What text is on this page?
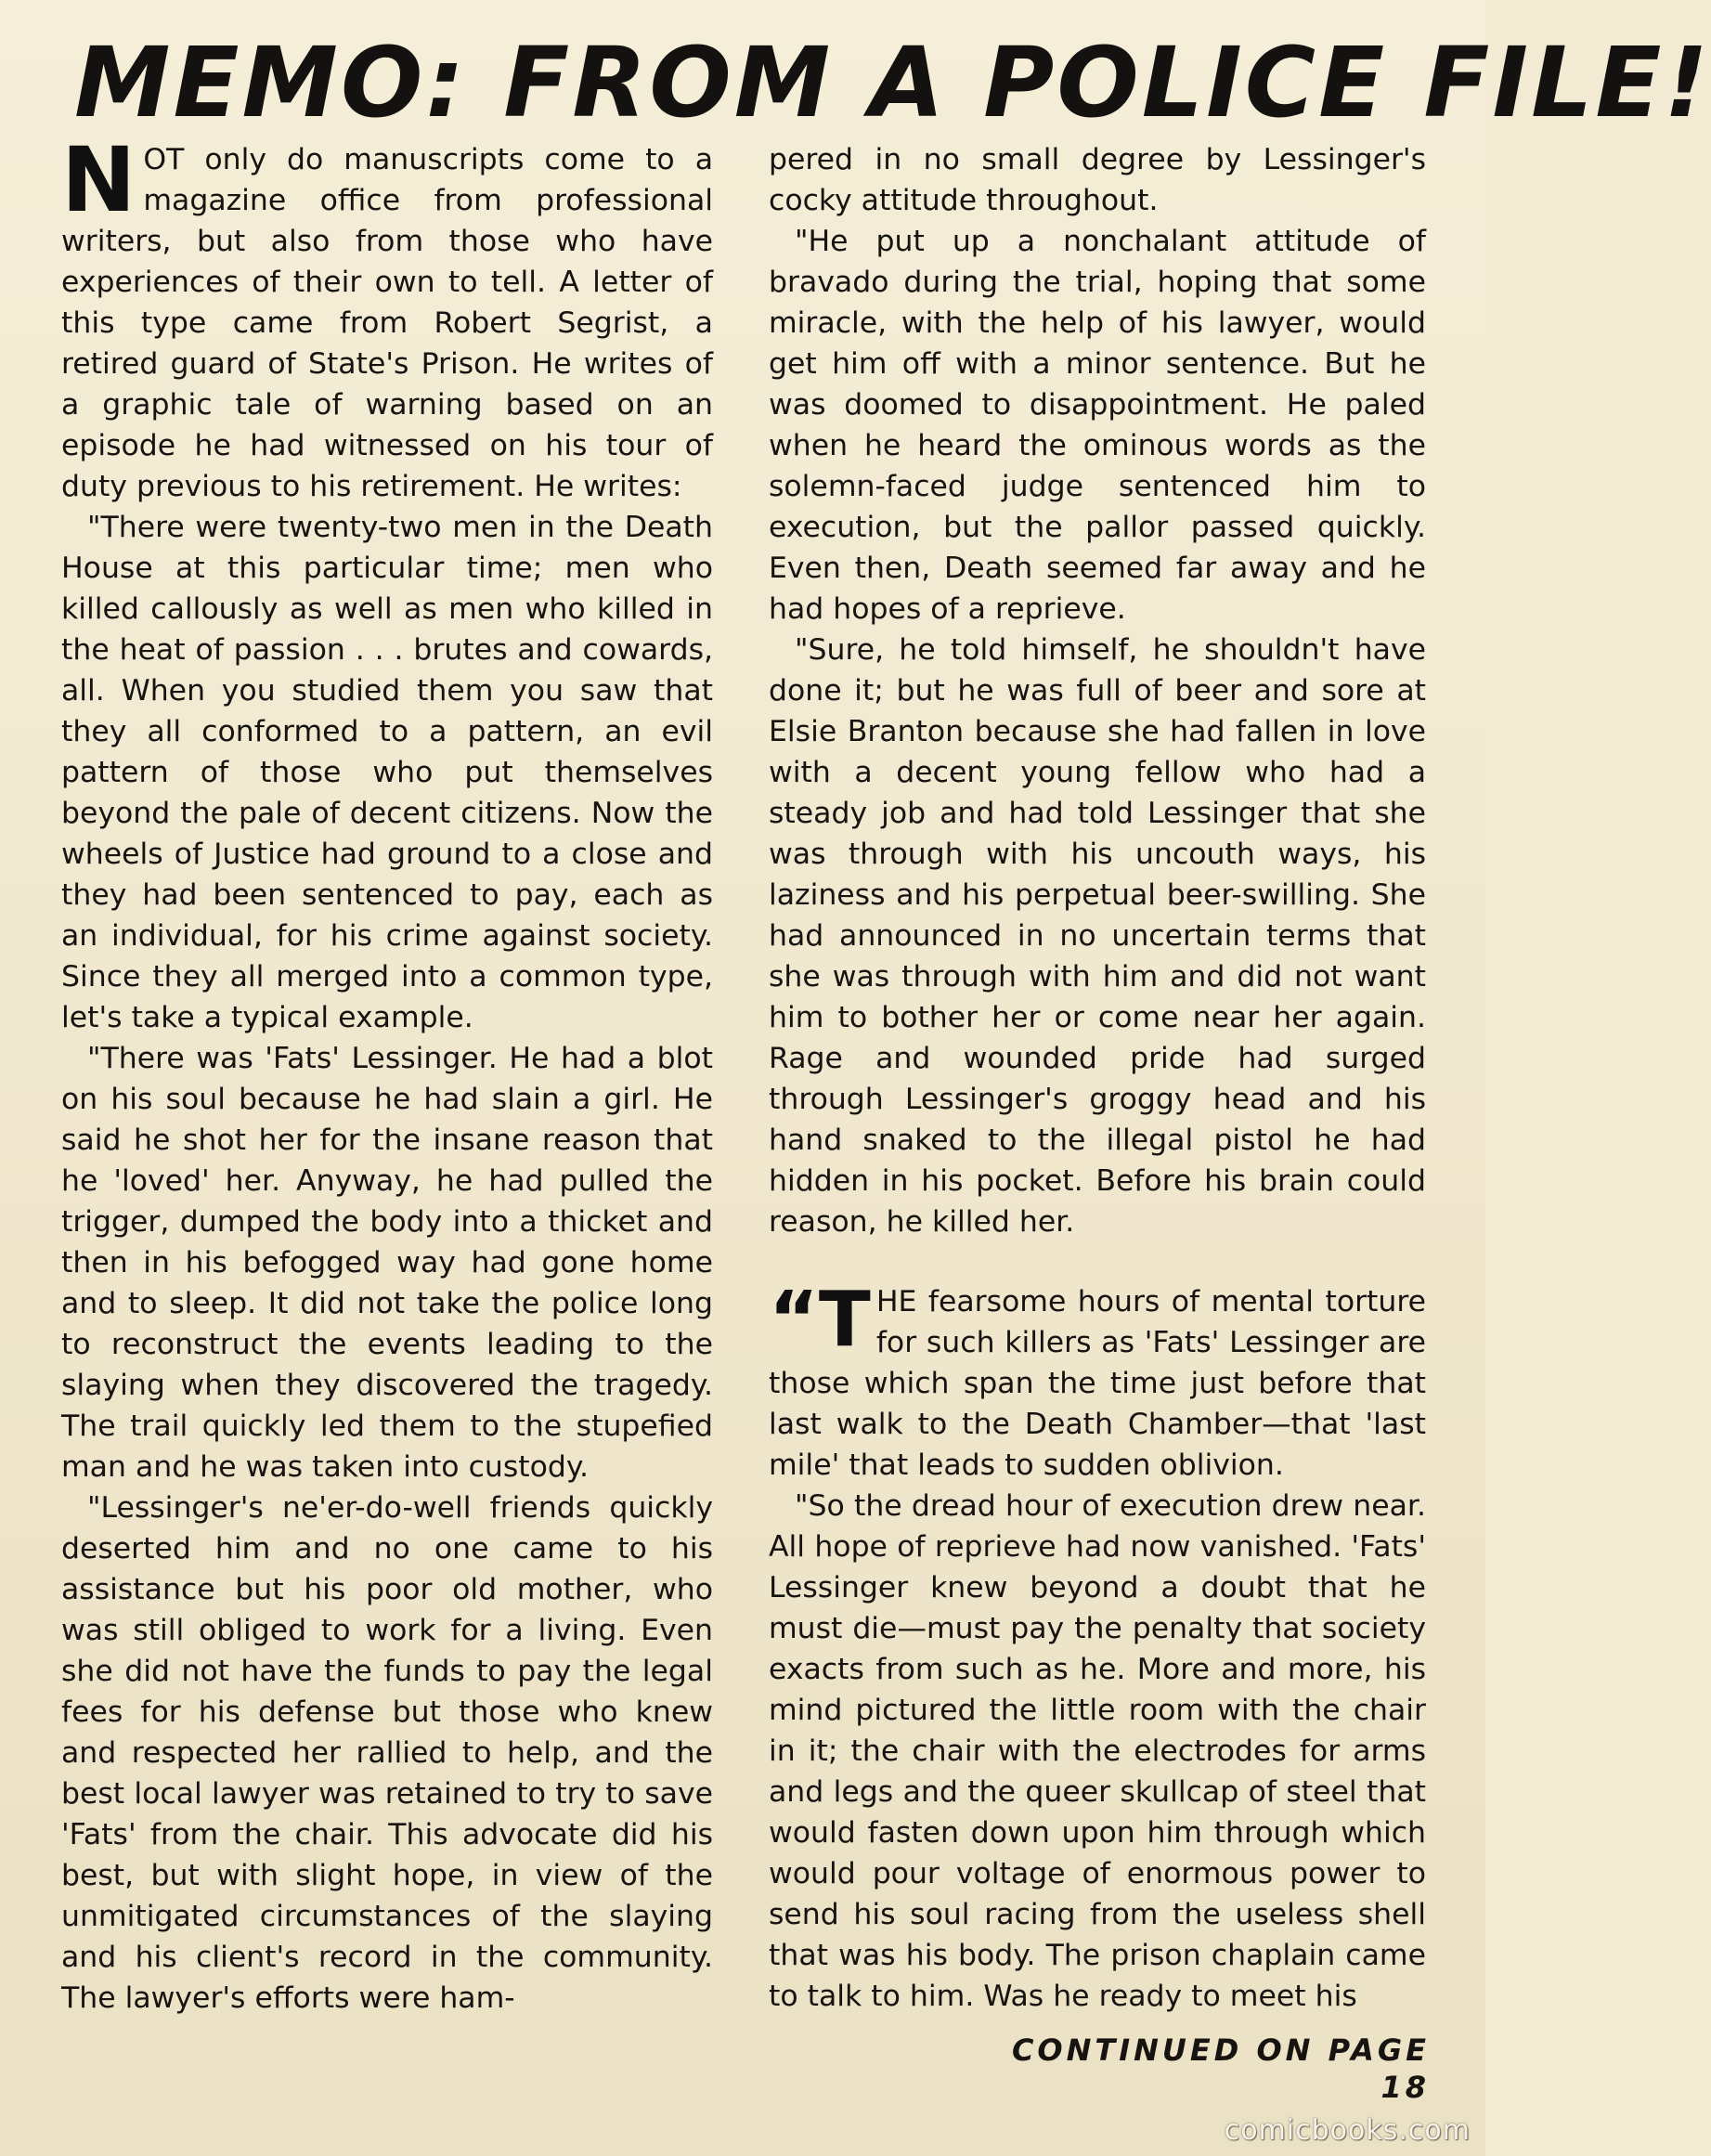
MEMO: FROM A POLICE FILE!

NOT only do manuscripts come to a magazine office from professional writers, but also from those who have experiences of their own to tell. A letter of this type came from Robert Segrist, a retired guard of State's Prison. He writes of a graphic tale of warning based on an episode he had witnessed on his tour of duty previous to his retirement. He writes:

"There were twenty-two men in the Death House at this particular time; men who killed callously as well as men who killed in the heat of passion . . . brutes and cowards, all. When you studied them you saw that they all conformed to a pattern, an evil pattern of those who put themselves beyond the pale of decent citizens. Now the wheels of Justice had ground to a close and they had been sentenced to pay, each as an individual, for his crime against society. Since they all merged into a common type, let's take a typical example.

"There was 'Fats' Lessinger. He had a blot on his soul because he had slain a girl. He said he shot her for the insane reason that he 'loved' her. Anyway, he had pulled the trigger, dumped the body into a thicket and then in his befogged way had gone home and to sleep. It did not take the police long to reconstruct the events leading to the slaying when they discovered the tragedy. The trail quickly led them to the stupefied man and he was taken into custody.

"Lessinger's ne'er-do-well friends quickly deserted him and no one came to his assistance but his poor old mother, who was still obliged to work for a living. Even she did not have the funds to pay the legal fees for his defense but those who knew and respected her rallied to help, and the best local lawyer was retained to try to save 'Fats' from the chair. This advocate did his best, but with slight hope, in view of the unmitigated circumstances of the slaying and his client's record in the community. The lawyer's efforts were ham-

pered in no small degree by Lessinger's cocky attitude throughout.

"He put up a nonchalant attitude of bravado during the trial, hoping that some miracle, with the help of his lawyer, would get him off with a minor sentence. But he was doomed to disappointment. He paled when he heard the ominous words as the solemn-faced judge sentenced him to execution, but the pallor passed quickly. Even then, Death seemed far away and he had hopes of a reprieve.

"Sure, he told himself, he shouldn't have done it; but he was full of beer and sore at Elsie Branton because she had fallen in love with a decent young fellow who had a steady job and had told Lessinger that she was through with his uncouth ways, his laziness and his perpetual beer-swilling. She had announced in no uncertain terms that she was through with him and did not want him to bother her or come near her again. Rage and wounded pride had surged through Lessinger's groggy head and his hand snaked to the illegal pistol he had hidden in his pocket. Before his brain could reason, he killed her.

“THE fearsome hours of mental torture for such killers as 'Fats' Lessinger are those which span the time just before that last walk to the Death Chamber—that 'last mile' that leads to sudden oblivion.

"So the dread hour of execution drew near. All hope of reprieve had now vanished. 'Fats' Lessinger knew beyond a doubt that he must die—must pay the penalty that society exacts from such as he. More and more, his mind pictured the little room with the chair in it; the chair with the electrodes for arms and legs and the queer skullcap of steel that would fasten down upon him through which would pour voltage of enormous power to send his soul racing from the useless shell that was his body. The prison chaplain came to talk to him. Was he ready to meet his

CONTINUED ON PAGE 18
comicbooks.com
